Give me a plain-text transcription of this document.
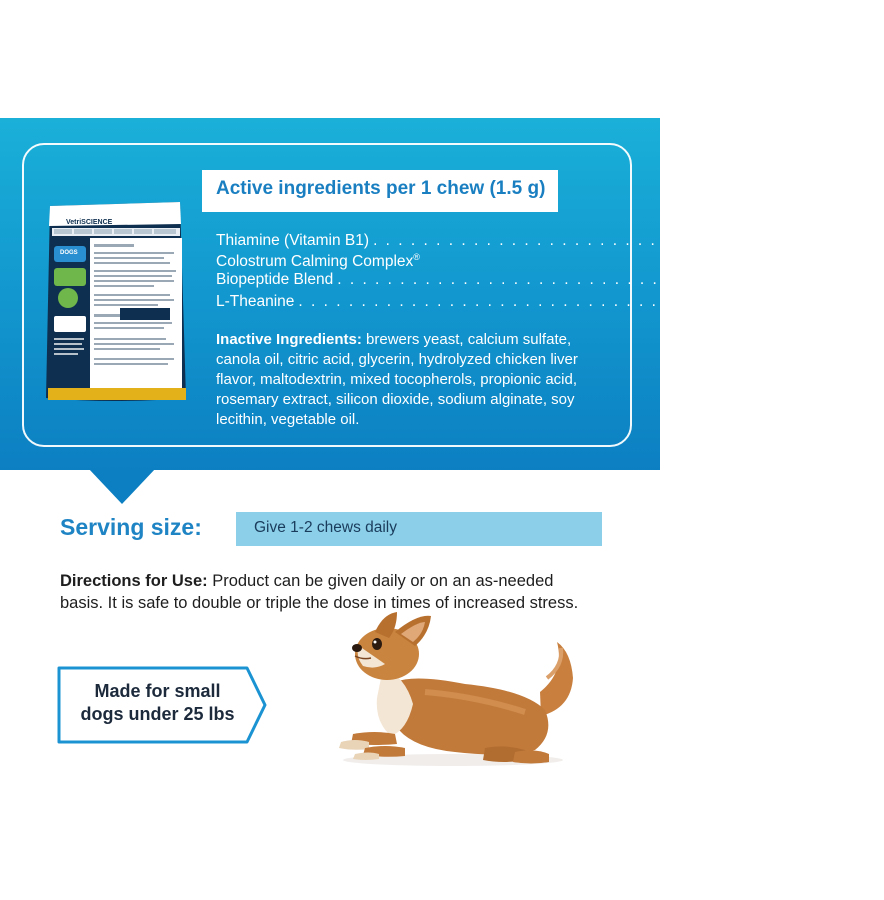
Active ingredients per 1 chew (1.5 g)
VetriSCIENCE
DOGS
Thiamine (Vitamin B1) . . . . . . . . . . . . . . . . . . . . . . . . . . . . . . . . . . . . . 67 mg
Colostrum Calming Complex®
Biopeptide Blend . . . . . . . . . . . . . . . . . . . . . . . . . . . . . . . . . . . . . 11 mg
L-Theanine . . . . . . . . . . . . . . . . . . . . . . . . . . . . . . . . . . . . . . . . . . 10.5 mg
Inactive Ingredients: brewers yeast, calcium sulfate, canola oil, citric acid, glycerin, hydrolyzed chicken liver flavor, maltodextrin, mixed tocopherols, propionic acid, rosemary extract, silicon dioxide, sodium alginate, soy lecithin, vegetable oil.
Serving size:	Give 1-2 chews daily
Directions for Use: Product can be given daily or on an as-needed basis. It is safe to double or triple the dose in times of increased stress.
Made for small
dogs under 25 lbs
